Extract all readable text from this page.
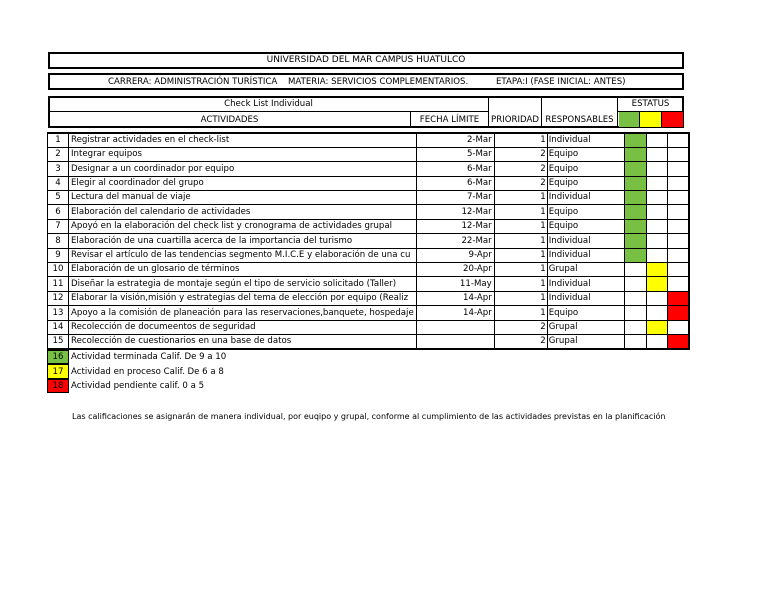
UNIVERSIDAD DEL MAR CAMPUS HUATULCO
CARRERA: ADMINISTRACIÓN TURÍSTICA MATERIA: SERVICIOS COMPLEMENTARIOS.	ETAPA:I (FASE INICIAL: ANTES)
Check List Individual
ACTIVIDADES	FECHA LÍMITE	PRIORIDAD RESPONSABLES
ESTATUS
1	Registrar actividades en el check-list	2-Mar	1	Individual			
2	Integrar equipos	5-Mar	2	Equipo			
3	Designar a un coordinador por equipo	6-Mar	2	Equipo			
4	Elegir al coordinador del grupo	6-Mar	2	Equipo			
5	Lectura del manual de viaje	7-Mar	1	Individual			
6	Elaboración del calendario de actividades	12-Mar	1	Equipo			
7	Apoyó en la elaboración del check list y cronograma de actividades grupal	12-Mar	1	Equipo			
8	Elaboración de una cuartilla acerca de la importancia del turismo	22-Mar	1	Individual			
9	Revisar el artículo de las tendencias segmento M.I.C.E y elaboración de una cu	9-Apr	1	Individual			
10	Elaboración de un glosario de términos	20-Apr	1	Grupal			
11	Diseñar la estrategia de montaje según el tipo de servicio solicitado (Taller)	11-May	1	Individual			
12	Elaborar la visión,misión y estrategias del tema de elección por equipo (Realiz	14-Apr	1	Individual			
13	Apoyo a la comisión de planeación para las reservaciones,banquete, hospedaje	14-Apr	1	Equipo			
14	Recolección de documeentos de seguridad		2	Grupal			
15	Recolección de cuestionarios en una base de datos		2	Grupal			
16 Actividad terminada Calif. De 9 a 10
17 Actividad en proceso Calif. De 6 a 8
18 Actividad pendiente calif. 0 a 5
Las calificaciones se asignarán de manera individual, por euqipo y grupal, conforme al cumplimiento de las actividades previstas en la planificación
